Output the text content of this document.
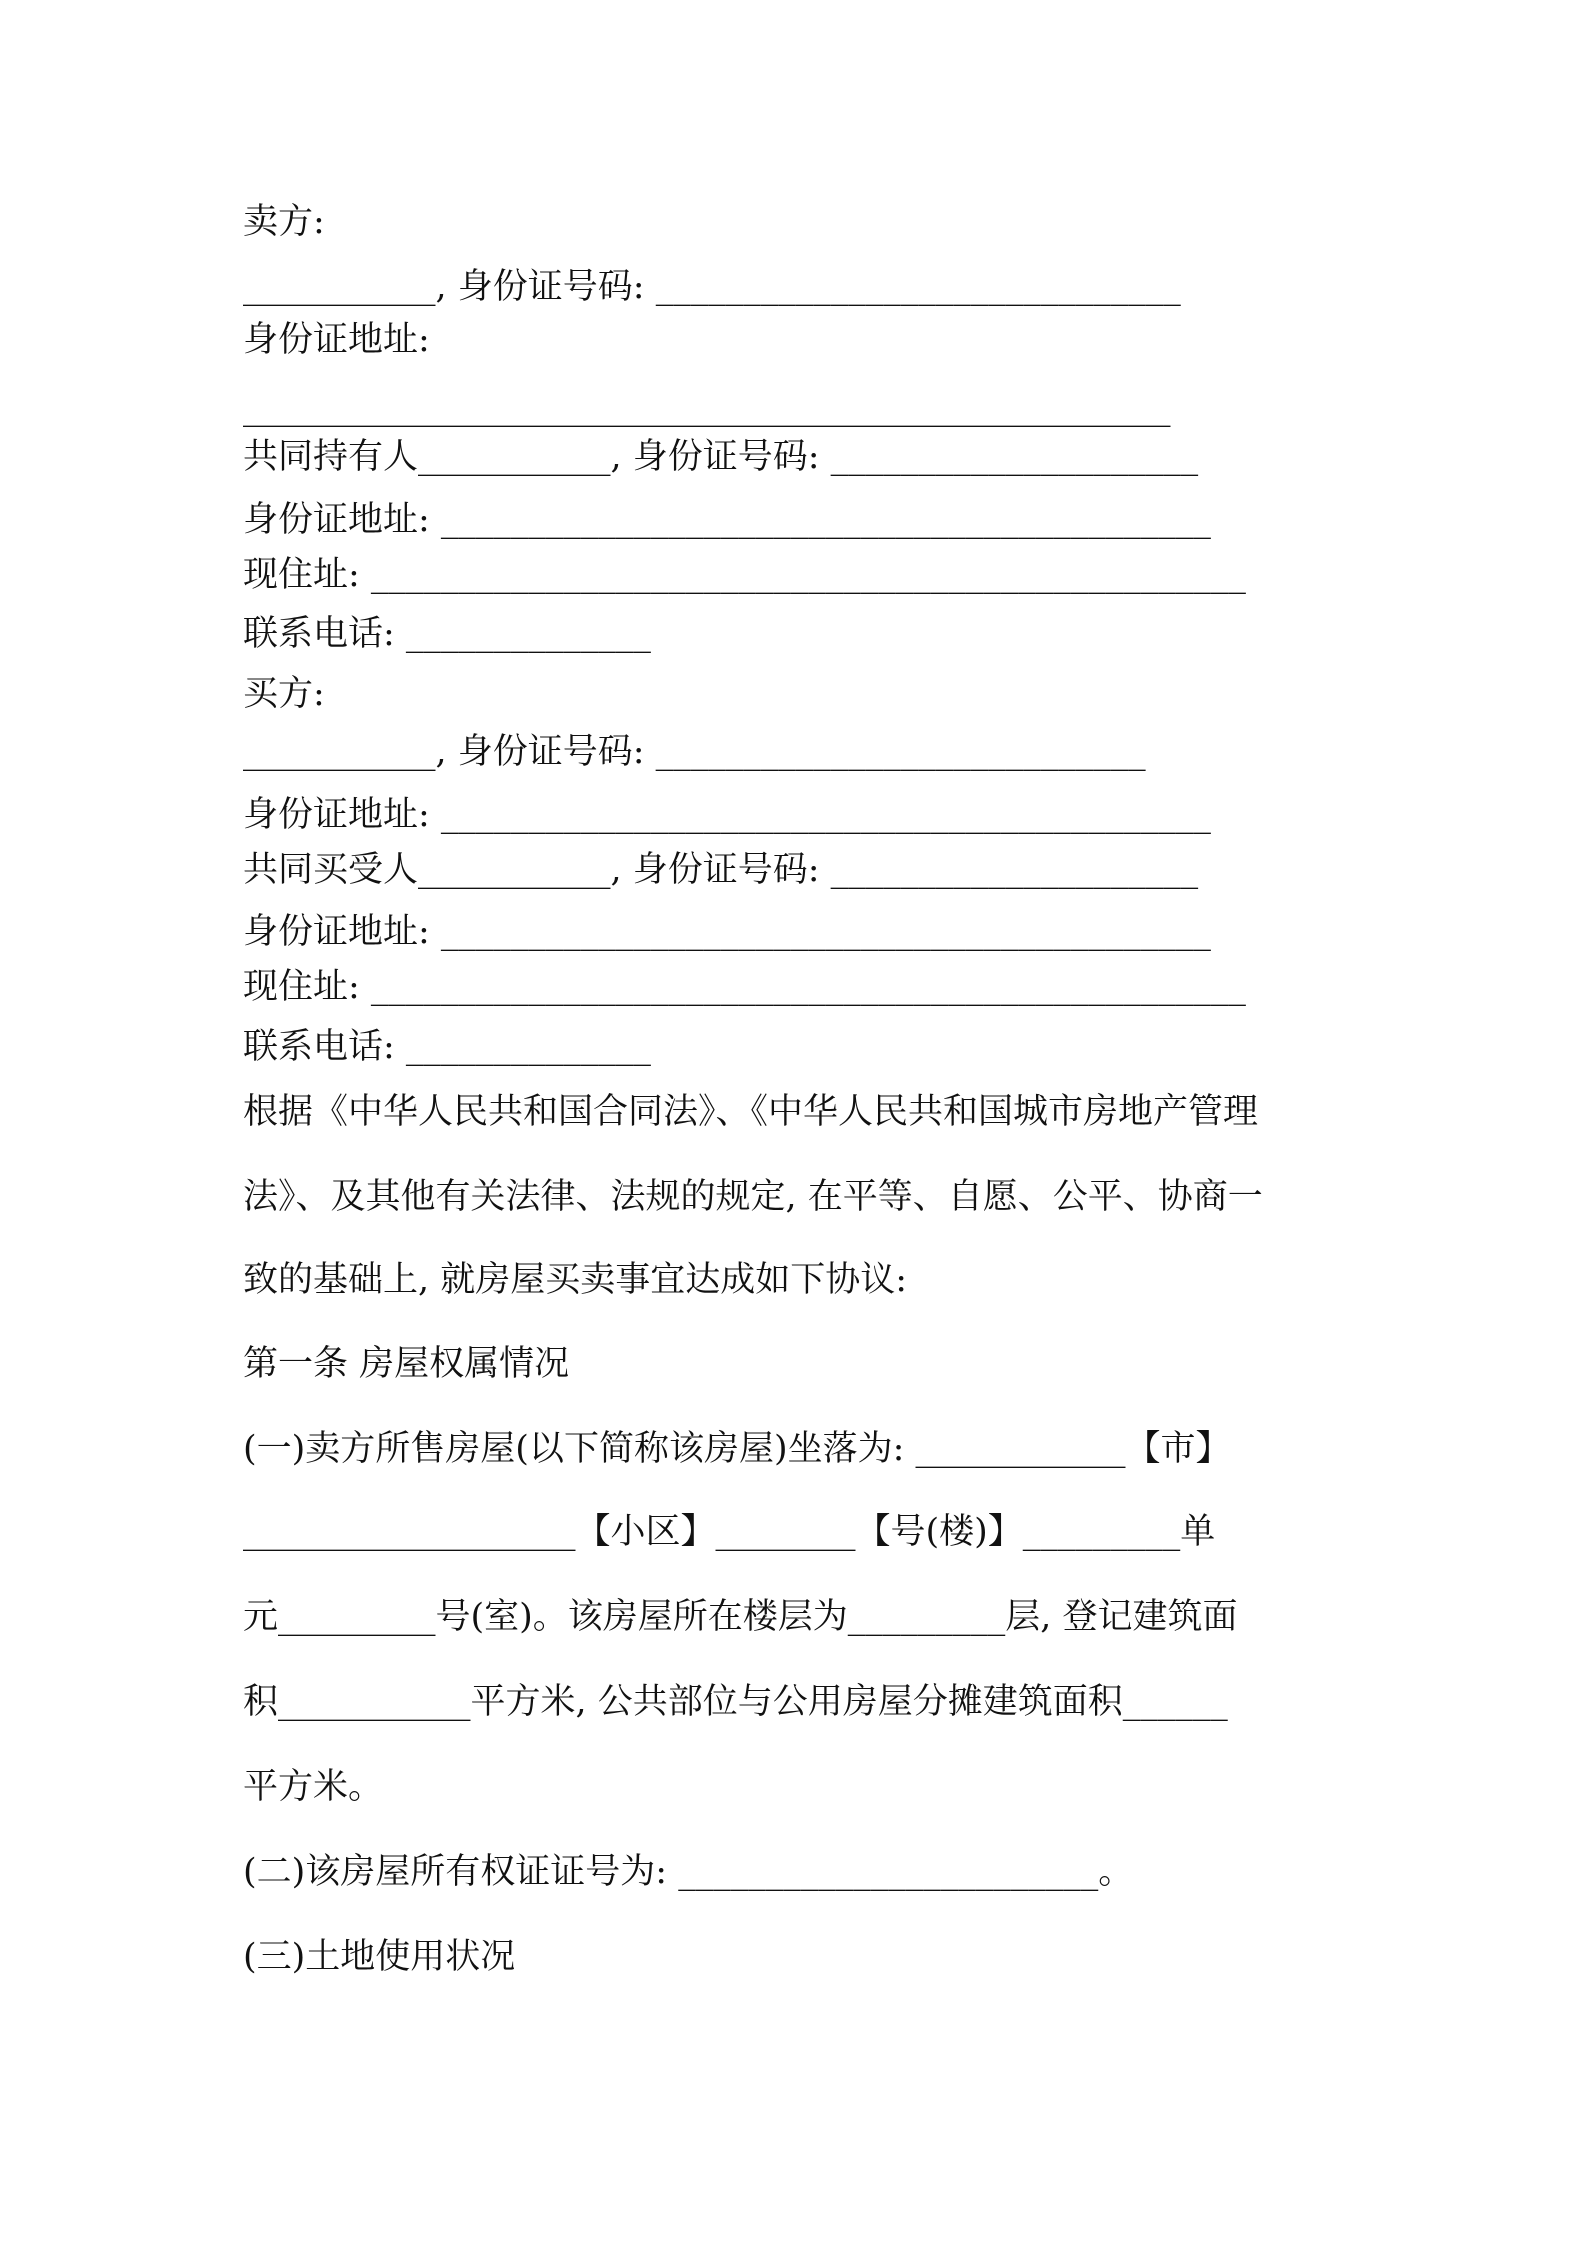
卖方:
___________, 身份证号码: ______________________________
身份证地址:
_____________________________________________________
共同持有人___________, 身份证号码: _____________________
身份证地址: ____________________________________________
现住址: __________________________________________________
联系电话: ______________
买方:
___________, 身份证号码: ____________________________
身份证地址: ____________________________________________
共同买受人___________, 身份证号码: _____________________
身份证地址: ____________________________________________
现住址: __________________________________________________
联系电话: ______________
根据《中华人民共和国合同法》、《中华人民共和国城市房地产管理
法》、及其他有关法律、法规的规定, 在平等、自愿、公平、协商一
致的基础上, 就房屋买卖事宜达成如下协议:
第一条 房屋权属情况
(一)卖方所售房屋(以下简称该房屋)坐落为: ____________【市】
___________________【小区】________【号(楼)】_________单
元_________号(室)。该房屋所在楼层为_________层, 登记建筑面
积___________平方米, 公共部位与公用房屋分摊建筑面积______
平方米。
(二)该房屋所有权证证号为: ________________________。
(三)土地使用状况
